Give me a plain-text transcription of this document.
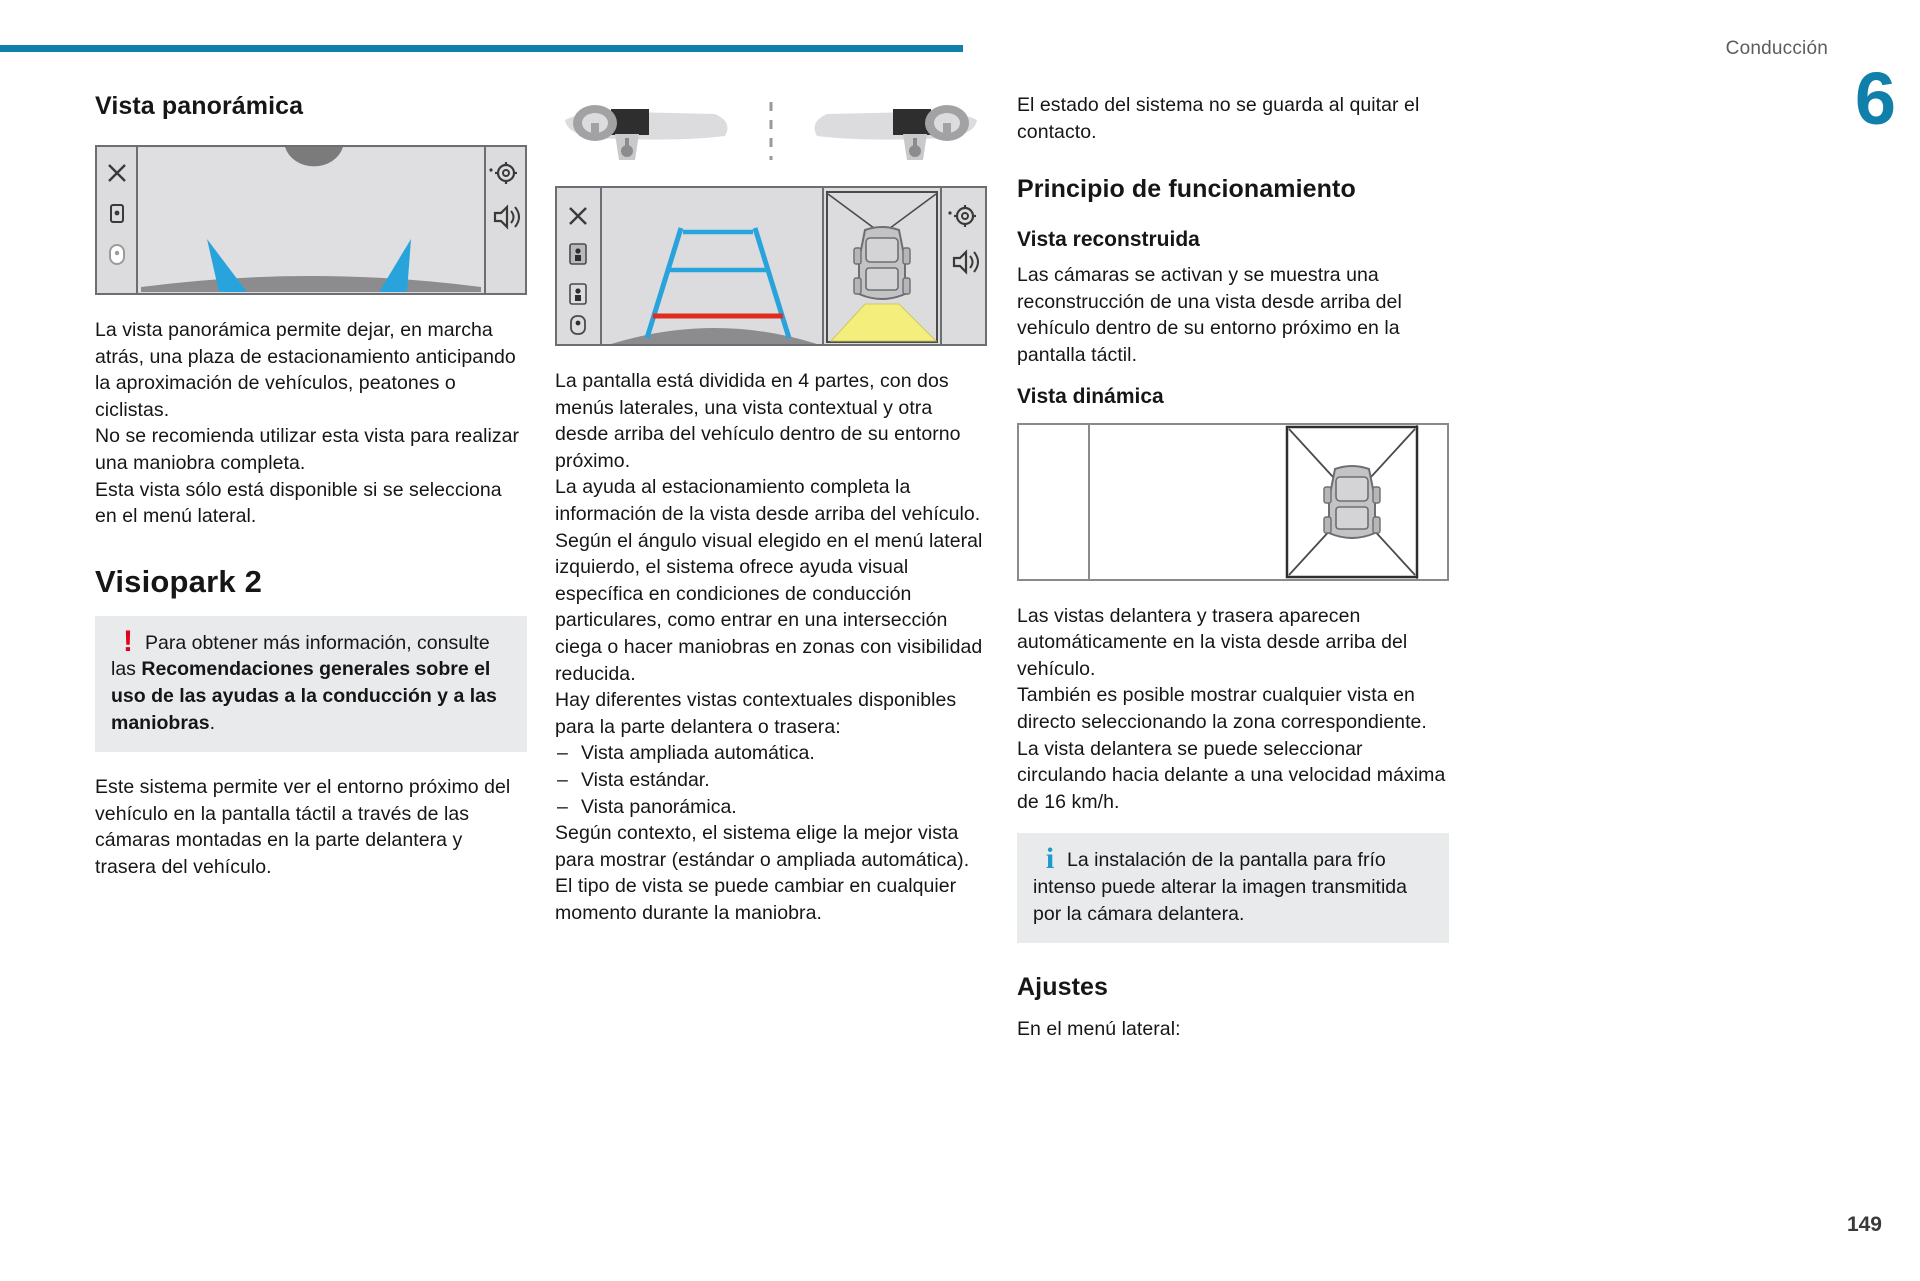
Conducción
6
149
Vista panorámica

La vista panorámica permite dejar, en marcha atrás, una plaza de estacionamiento anticipando la aproximación de vehículos, peatones o ciclistas.

No se recomienda utilizar esta vista para realizar una maniobra completa.

Esta vista sólo está disponible si se selecciona en el menú lateral.

Visiopark 2
! Para obtener más información, consulte las Recomendaciones generales sobre el uso de las ayudas a la conducción y a las maniobras.

Este sistema permite ver el entorno próximo del vehículo en la pantalla táctil a través de las cámaras montadas en la parte delantera y trasera del vehículo.

La pantalla está dividida en 4 partes, con dos menús laterales, una vista contextual y otra desde arriba del vehículo dentro de su entorno próximo.

La ayuda al estacionamiento completa la información de la vista desde arriba del vehículo.

Según el ángulo visual elegido en el menú lateral izquierdo, el sistema ofrece ayuda visual específica en condiciones de conducción particulares, como entrar en una intersección ciega o hacer maniobras en zonas con visibilidad reducida.

Hay diferentes vistas contextuales disponibles para la parte delantera o trasera:

– Vista ampliada automática.
– Vista estándar.
– Vista panorámica.

Según contexto, el sistema elige la mejor vista para mostrar (estándar o ampliada automática).

El tipo de vista se puede cambiar en cualquier momento durante la maniobra.

El estado del sistema no se guarda al quitar el contacto.

Principio de funcionamiento
Vista reconstruida

Las cámaras se activan y se muestra una reconstrucción de una vista desde arriba del vehículo dentro de su entorno próximo en la pantalla táctil.

Vista dinámica

Las vistas delantera y trasera aparecen automáticamente en la vista desde arriba del vehículo.

También es posible mostrar cualquier vista en directo seleccionando la zona correspondiente.

La vista delantera se puede seleccionar circulando hacia delante a una velocidad máxima de 16 km/h.

i La instalación de la pantalla para frío intenso puede alterar la imagen transmitida por la cámara delantera.
Ajustes

En el menú lateral:
